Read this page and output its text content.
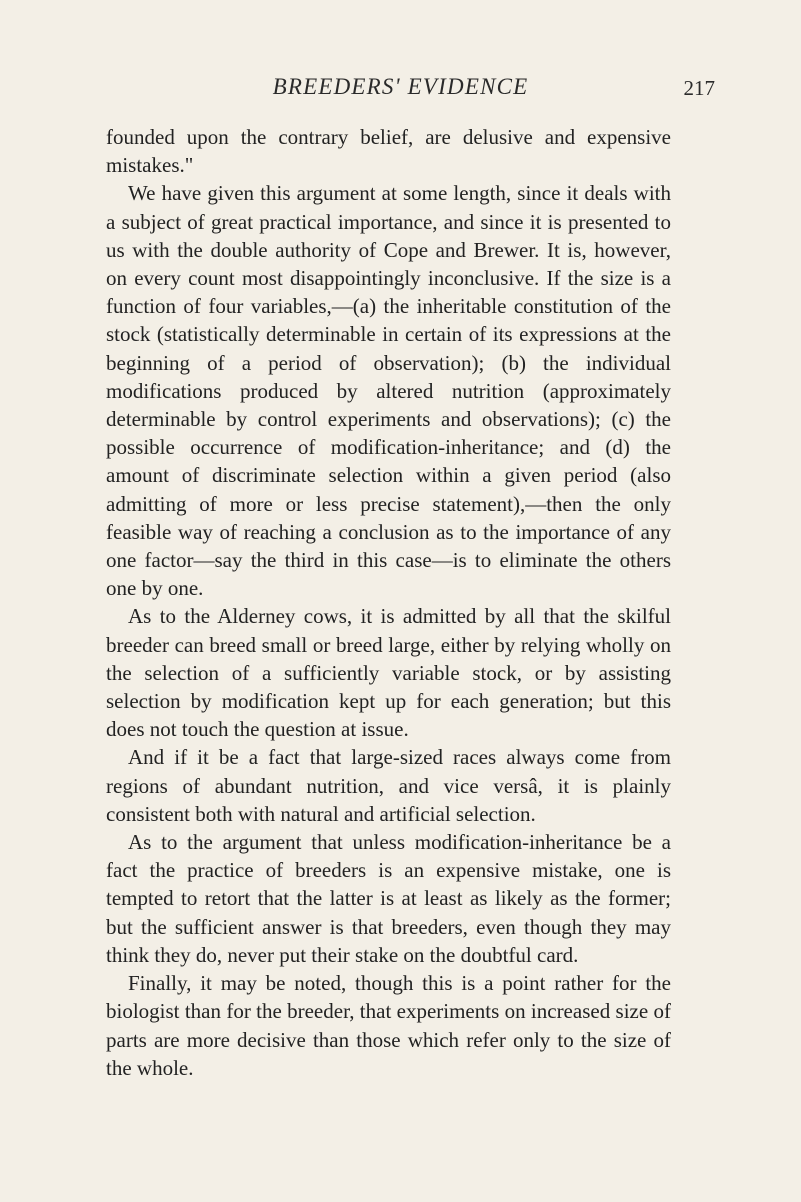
BREEDERS' EVIDENCE	217

founded upon the contrary belief, are delusive and expensive mistakes."

We have given this argument at some length, since it deals with a subject of great practical importance, and since it is presented to us with the double authority of Cope and Brewer. It is, however, on every count most disappointingly inconclusive. If the size is a function of four variables,—(a) the inheritable constitution of the stock (statistically determinable in certain of its expressions at the beginning of a period of observation); (b) the individual modifications produced by altered nutrition (approximately determinable by control experiments and observations); (c) the possible occurrence of modification-inheritance; and (d) the amount of discriminate selection within a given period (also admitting of more or less precise statement),—then the only feasible way of reaching a conclusion as to the importance of any one factor—say the third in this case—is to eliminate the others one by one.

As to the Alderney cows, it is admitted by all that the skilful breeder can breed small or breed large, either by relying wholly on the selection of a sufficiently variable stock, or by assisting selection by modification kept up for each generation; but this does not touch the question at issue.

And if it be a fact that large-sized races always come from regions of abundant nutrition, and vice versâ, it is plainly consistent both with natural and artificial selection.

As to the argument that unless modification-inheritance be a fact the practice of breeders is an expensive mistake, one is tempted to retort that the latter is at least as likely as the former; but the sufficient answer is that breeders, even though they may think they do, never put their stake on the doubtful card.

Finally, it may be noted, though this is a point rather for the biologist than for the breeder, that experiments on increased size of parts are more decisive than those which refer only to the size of the whole.
